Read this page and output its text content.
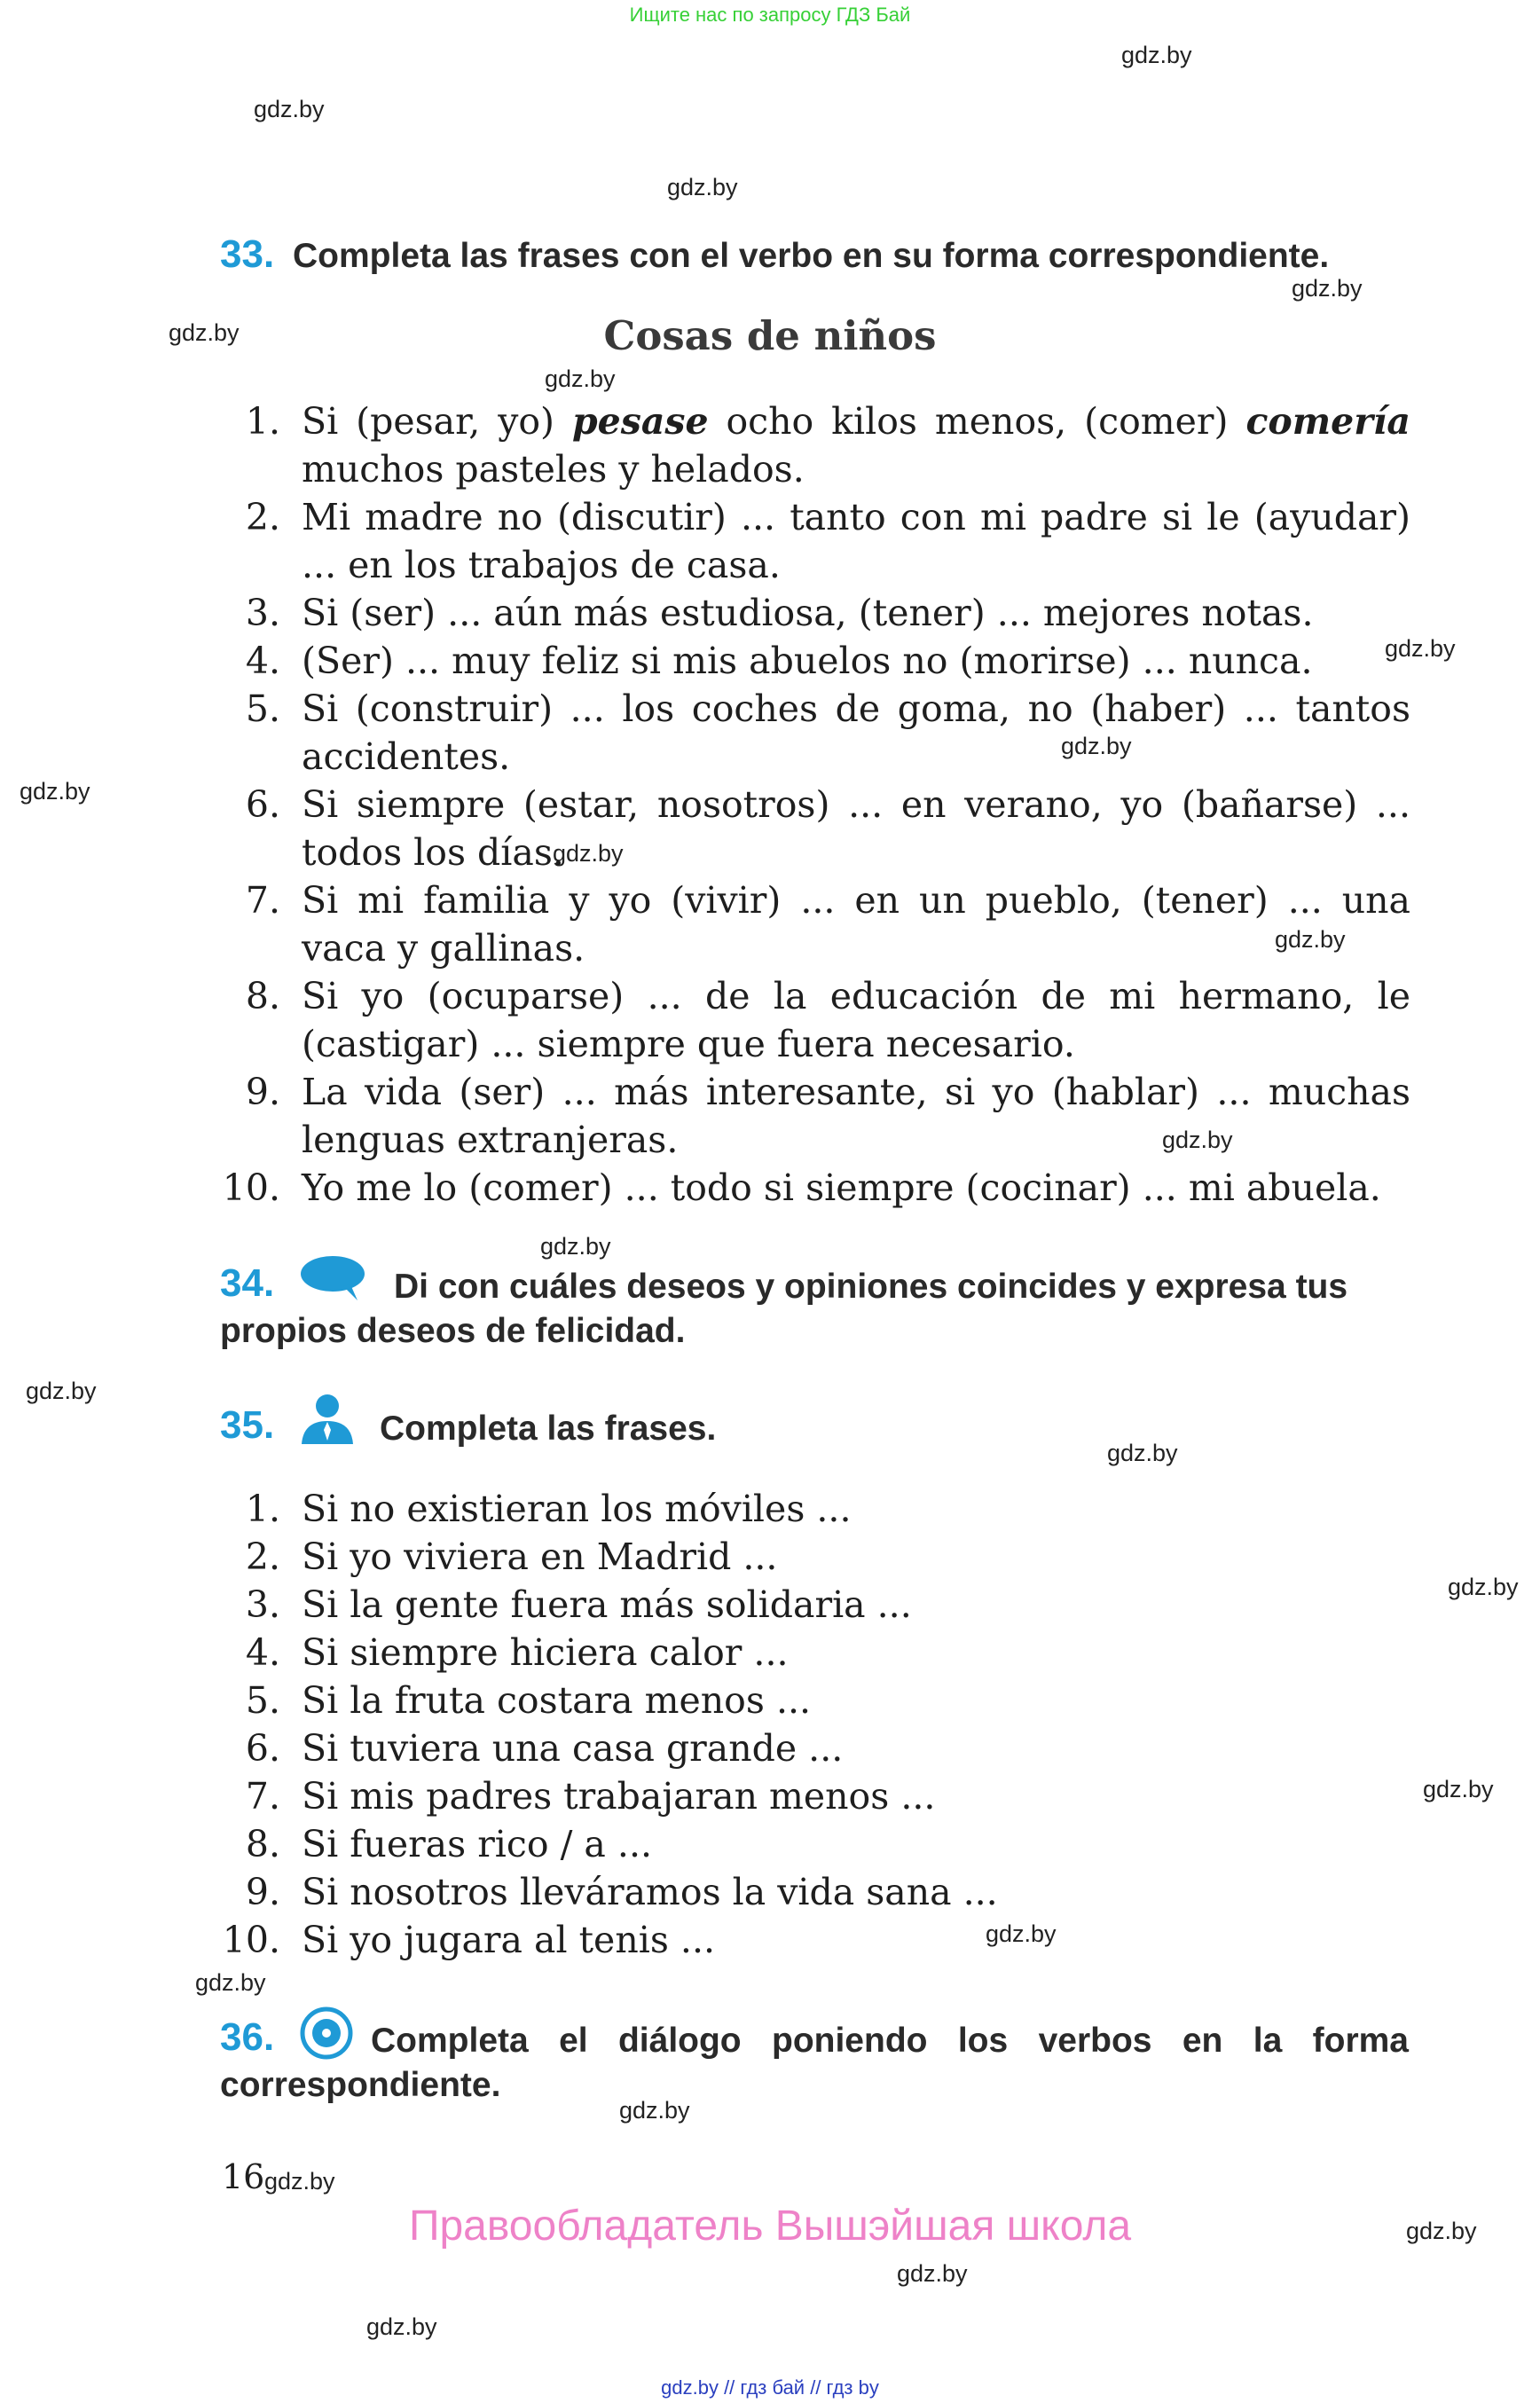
Ищите нас по запросу ГДЗ Бай
gdz.by
gdz.by
gdz.by
gdz.by
gdz.by
gdz.by
gdz.by
gdz.by
gdz.by
gdz.by
gdz.by
gdz.by
gdz.by
gdz.by
gdz.by
gdz.by
gdz.by
gdz.by
gdz.by
gdz.by
gdz.by
gdz.by
gdz.by
gdz.by
33. Completa las frases con el verbo en su forma correspondiente.
Cosas de niños
1. Si (pesar, yo) pesase ocho kilos menos, (comer) comería muchos pasteles y helados.
2. Mi madre no (discutir) ... tanto con mi padre si le (ayudar) ... en los trabajos de casa.
3. Si (ser) ... aún más estudiosa, (tener) ... mejores notas.
4. (Ser) ... muy feliz si mis abuelos no (morirse) ... nunca.
5. Si (construir) ... los coches de goma, no (haber) ... tantos accidentes.
6. Si siempre (estar, nosotros) ... en verano, yo (bañarse) ... todos los días.
7. Si mi familia y yo (vivir) ... en un pueblo, (tener) ... una vaca y gallinas.
8. Si yo (ocuparse) ... de la educación de mi hermano, le (castigar) ... siempre que fuera necesario.
9. La vida (ser) ... más interesante, si yo (hablar) ... muchas lenguas extranjeras.
10. Yo me lo (comer) ... todo si siempre (cocinar) ... mi abuela.
34.	Di con cuáles deseos y opiniones coincides y expresa tus propios deseos de felicidad.
35.	Completa las frases.
1. Si no existieran los móviles ...
2. Si yo viviera en Madrid ...
3. Si la gente fuera más solidaria ...
4. Si siempre hiciera calor ...
5. Si la fruta costara menos ...
6. Si tuviera una casa grande ...
7. Si mis padres trabajaran menos ...
8. Si fueras rico / a ...
9. Si nosotros lleváramos la vida sana ...
10. Si yo jugara al tenis ...
36.	Completa el diálogo poniendo los verbos en la forma correspondiente.
16
Правообладатель Вышэйшая школа
gdz.by // гдз бай // гдз by
